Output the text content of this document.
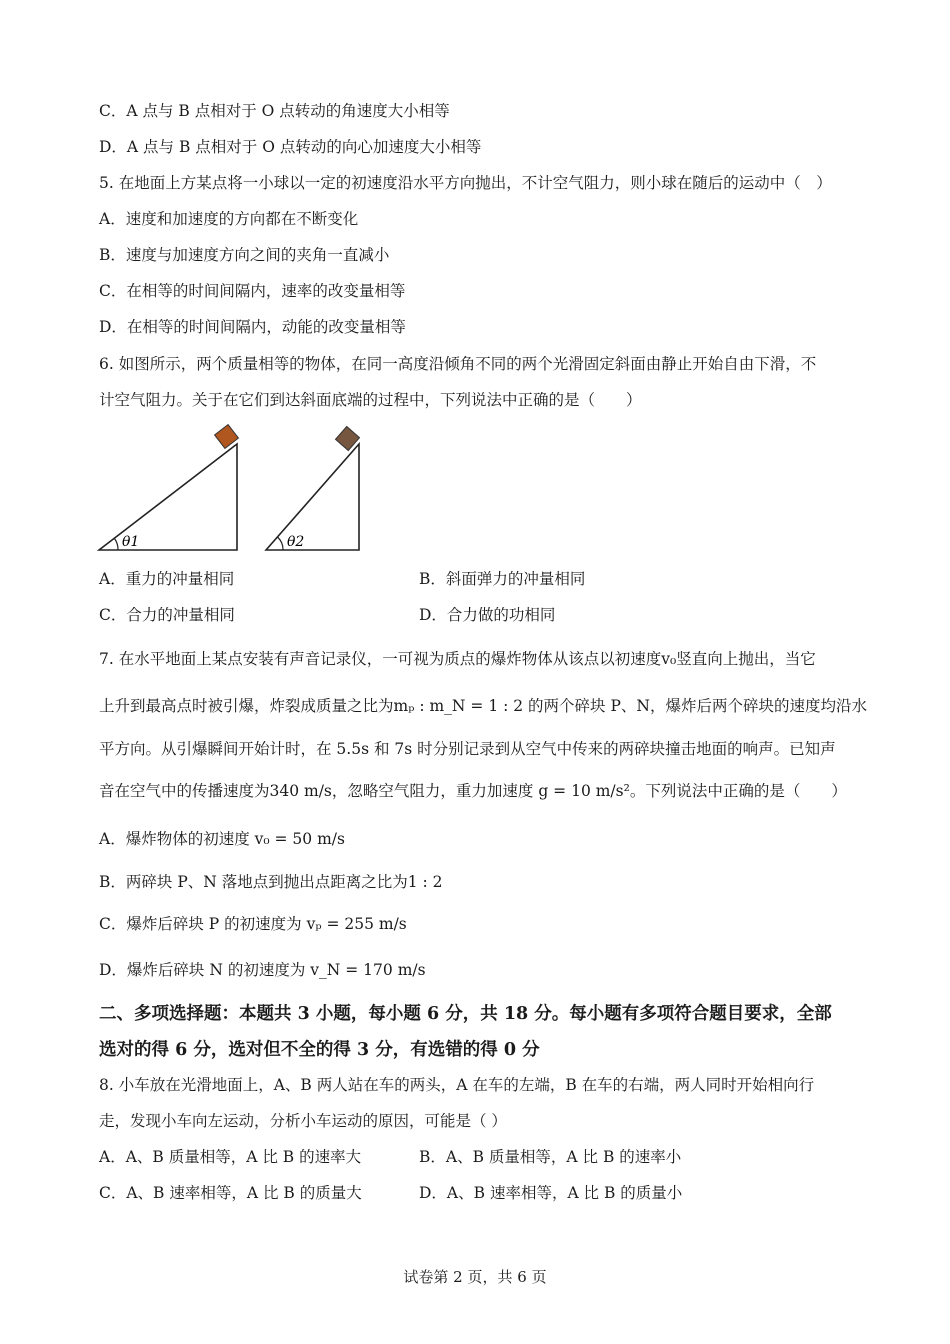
C．A 点与 B 点相对于 O 点转动的角速度大小相等
D．A 点与 B 点相对于 O 点转动的向心加速度大小相等
5. 在地面上方某点将一小球以一定的初速度沿水平方向抛出，不计空气阻力，则小球在随后的运动中（　）
A．速度和加速度的方向都在不断变化
B．速度与加速度方向之间的夹角一直减小
C．在相等的时间间隔内，速率的改变量相等
D．在相等的时间间隔内，动能的改变量相等
6. 如图所示，两个质量相等的物体，在同一高度沿倾角不同的两个光滑固定斜面由静止开始自由下滑，不
计空气阻力。关于在它们到达斜面底端的过程中，下列说法中正确的是（　　）
θ1	θ2
A．重力的冲量相同	B．斜面弹力的冲量相同
C．合力的冲量相同	D．合力做的功相同
7. 在水平地面上某点安装有声音记录仪，一可视为质点的爆炸物体从该点以初速度v₀竖直向上抛出，当它
上升到最高点时被引爆，炸裂成质量之比为mₚ : m_N = 1 : 2 的两个碎块 P、N，爆炸后两个碎块的速度均沿水
平方向。从引爆瞬间开始计时，在 5.5s 和 7s 时分别记录到从空气中传来的两碎块撞击地面的响声。已知声
音在空气中的传播速度为340 m/s，忽略空气阻力，重力加速度 g = 10 m/s²。下列说法中正确的是（　　）
A．爆炸物体的初速度 v₀ = 50 m/s
B．两碎块 P、N 落地点到抛出点距离之比为1 : 2
C．爆炸后碎块 P 的初速度为 vₚ = 255 m/s
D．爆炸后碎块 N 的初速度为 v_N = 170 m/s
二、多项选择题：本题共 3 小题，每小题 6 分，共 18 分。每小题有多项符合题目要求，全部
选对的得 6 分，选对但不全的得 3 分，有选错的得 0 分
8. 小车放在光滑地面上，A、B 两人站在车的两头，A 在车的左端，B 在车的右端，两人同时开始相向行
走，发现小车向左运动，分析小车运动的原因，可能是（ ）
A．A、B 质量相等，A 比 B 的速率大	B．A、B 质量相等，A 比 B 的速率小
C．A、B 速率相等，A 比 B 的质量大	D．A、B 速率相等，A 比 B 的质量小
试卷第 2 页，共 6 页
